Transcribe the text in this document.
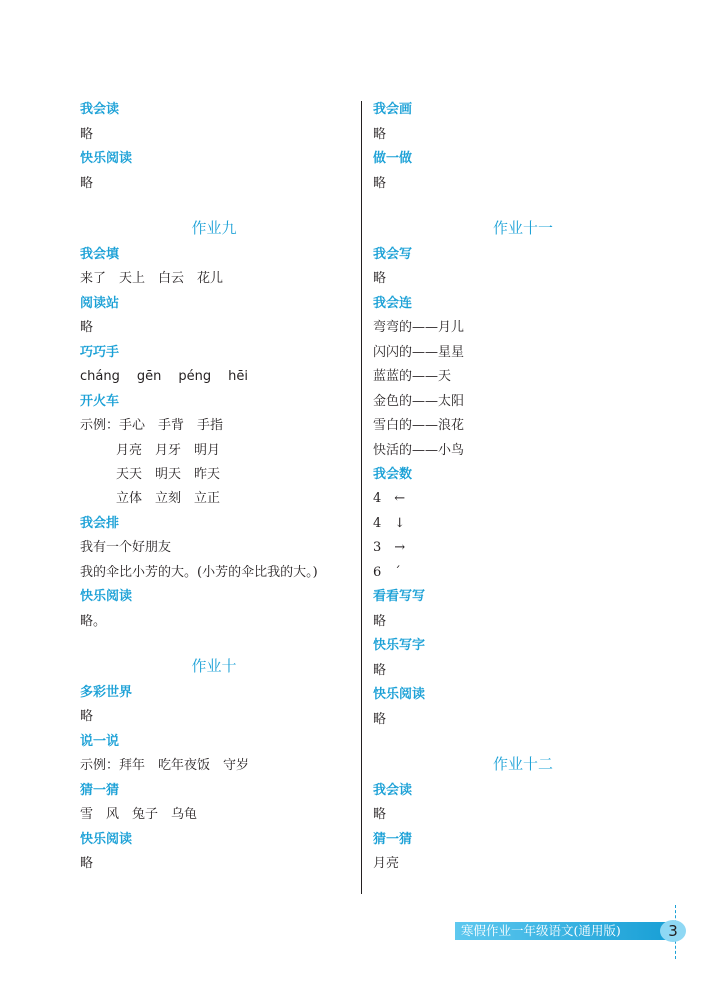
我会读
略
快乐阅读
略
作业九
我会填
来了　天上　白云　花儿
阅读站
略
巧巧手
cháng gēn péng hēi
开火车
示例：手心　手背　手指
月亮　月牙　明月
天天　明天　昨天
立体　立刻　立正
我会排
我有一个好朋友
我的伞比小芳的大。(小芳的伞比我的大。)
快乐阅读
略。
作业十
多彩世界
略
说一说
示例：拜年　吃年夜饭　守岁
猜一猜
雪　风　兔子　乌龟
快乐阅读
略
我会画
略
做一做
略
作业十一
我会写
略
我会连
弯弯的——月儿
闪闪的——星星
蓝蓝的——天
金色的——太阳
雪白的——浪花
快活的——小鸟
我会数
4　←
4　↓
3　→
6　ˊ
看看写写
略
快乐写字
略
快乐阅读
略
作业十二
我会读
略
猜一猜
月亮
寒假作业一年级语文(通用版)	3
